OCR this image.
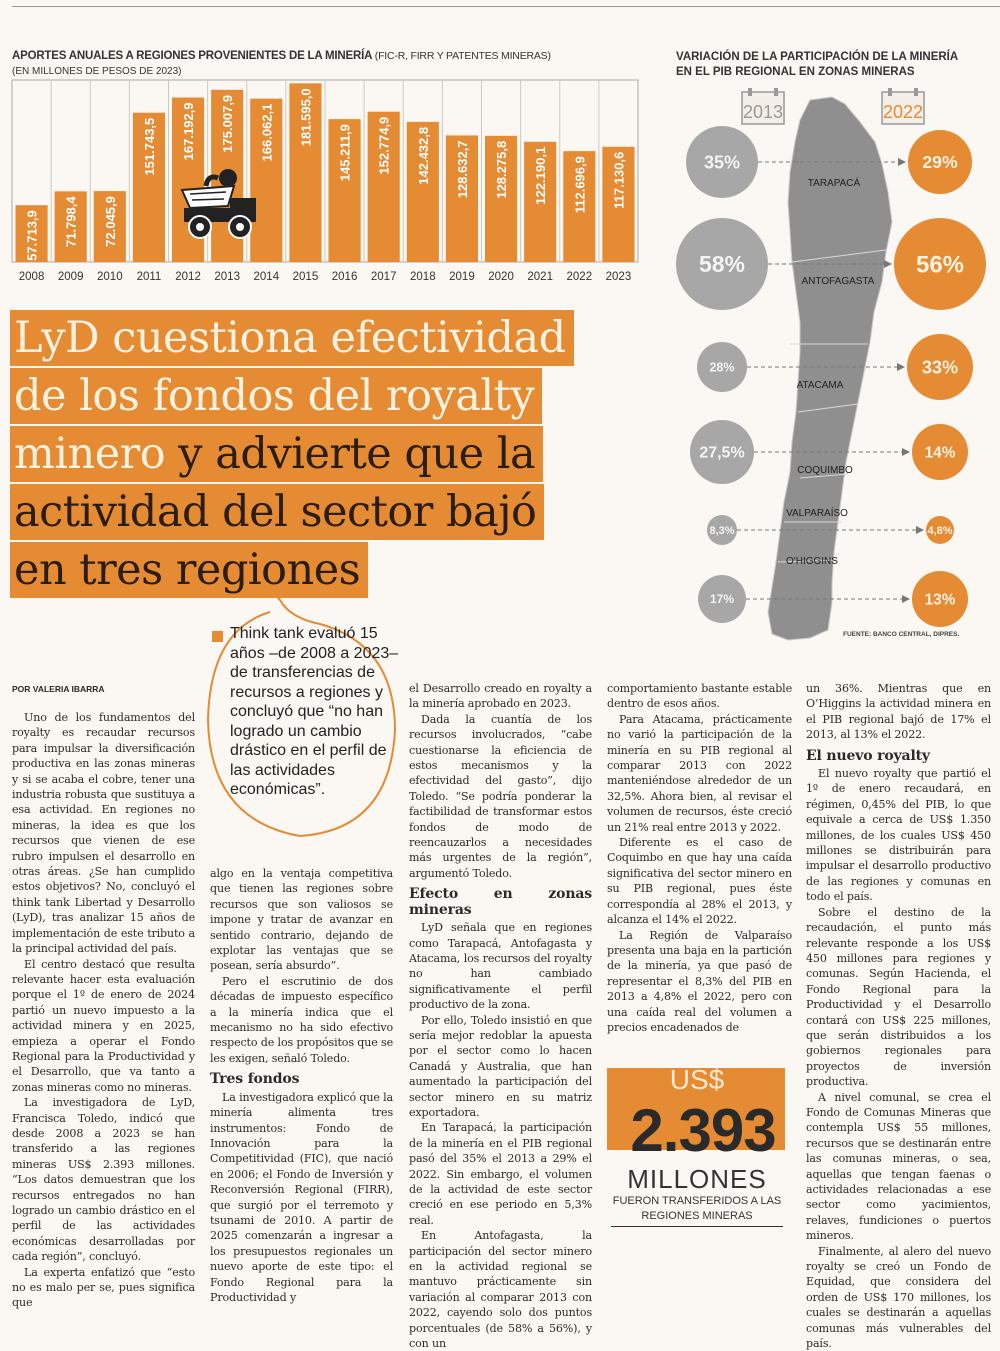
APORTES ANUALES A REGIONES PROVENIENTES DE LA MINERÍA (FIC-R, FIRR Y PATENTES MINERAS)
(EN MILLONES DE PESOS DE 2023)
57.713,9
2008
71.798,4
2009
72.045,9
2010
151.743,5
2011
167.192,9
2012
175.007,9
2013
166.062,1
2014
181.595,0
2015
145.211,9
2016
152.774,9
2017
142.432,8
2018
128.632,7
2019
128.275,8
2020
122.190,1
2021
112.696,9
2022
117.130,6
2023
LyD cuestiona efectividad
de los fondos del royalty
minero y advierte que la
actividad del sector bajó
en tres regiones
VARIACIÓN DE LA PARTICIPACIÓN DE LA MINERÍA
EN EL PIB REGIONAL EN ZONAS MINERAS
2013	2022
35%	29%
TARAPACÁ
58%	56%
ANTOFAGASTA
28%	33%
ATACAMA
27,5%	14%
COQUIMBO
8,3%	4,8%
VALPARAÍSO
17%	13%
O'HIGGINS
FUENTE: BANCO CENTRAL, DIPRES.
Think tank evaluó 15 años –de 2008 a 2023– de transferencias de recursos a regiones y concluyó que “no han logrado un cambio drástico en el perfil de las actividades económicas”.
POR VALERIA IBARRA

Uno de los fundamentos del royalty es recaudar recursos para impulsar la diversificación productiva en las zonas mineras y si se acaba el cobre, tener una industria robusta que sustituya a esa actividad. En regiones no mineras, la idea es que los recursos que vienen de ese rubro impulsen el desarrollo en otras áreas. ¿Se han cumplido estos objetivos? No, concluyó el think tank Libertad y Desarrollo (LyD), tras analizar 15 años de implementación de este tributo a la principal actividad del país.

El centro destacó que resulta relevante hacer esta evaluación porque el 1º de enero de 2024 partió un nuevo impuesto a la actividad minera y en 2025, empieza a operar el Fondo Regional para la Productividad y el Desarrollo, que va tanto a zonas mineras como no mineras.

La investigadora de LyD, Francisca Toledo, indicó que desde 2008 a 2023 se han transferido a las regiones mineras US$ 2.393 millones. “Los datos demuestran que los recursos entregados no han logrado un cambio drástico en el perfil de las actividades económicas desarrolladas por cada región”, concluyó.

La experta enfatizó que “esto no es malo per se, pues significa que

algo en la ventaja competitiva que tienen las regiones sobre recursos que son valiosos se impone y tratar de avanzar en sentido contrario, dejando de explotar las ventajas que se posean, sería absurdo”.

Pero el escrutinio de dos décadas de impuesto específico a la minería indica que el mecanismo no ha sido efectivo respecto de los propósitos que se les exigen, señaló Toledo.

Tres fondos

La investigadora explicó que la minería alimenta tres instrumentos: Fondo de Innovación para la Competitividad (FIC), que nació en 2006; el Fondo de Inversión y Reconversión Regional (FIRR), que surgió por el terremoto y tsunami de 2010. A partir de 2025 comenzarán a ingresar a los presupuestos regionales un nuevo aporte de este tipo: el Fondo Regional para la Productividad y

el Desarrollo creado en royalty a la minería aprobado en 2023.

Dada la cuantía de los recursos involucrados, “cabe cuestionarse la eficiencia de estos mecanismos y la efectividad del gasto”, dijo Toledo. “Se podría ponderar la factibilidad de transformar estos fondos de modo de reencauzarlos a necesidades más urgentes de la región”, argumentó Toledo.

Efecto en zonas mineras

LyD señala que en regiones como Tarapacá, Antofagasta y Atacama, los recursos del royalty no han cambiado significativamente el perfil productivo de la zona.

Por ello, Toledo insistió en que sería mejor redoblar la apuesta por el sector como lo hacen Canadá y Australia, que han aumentado la participación del sector minero en su matriz exportadora.

En Tarapacá, la participación de la minería en el PIB regional pasó del 35% el 2013 a 29% el 2022. Sin embargo, el volumen de la actividad de este sector creció en ese periodo en 5,3% real.

En Antofagasta, la participación del sector minero en la actividad regional se mantuvo prácticamente sin variación al comparar 2013 con 2022, cayendo solo dos puntos porcentuales (de 58% a 56%), y con un

comportamiento bastante estable dentro de esos años.

Para Atacama, prácticamente no varió la participación de la minería en su PIB regional al comparar 2013 con 2022 manteniéndose alrededor de un 32,5%. Ahora bien, al revisar el volumen de recursos, éste creció un 21% real entre 2013 y 2022.

Diferente es el caso de Coquimbo en que hay una caída significativa del sector minero en su PIB regional, pues éste correspondía al 28% el 2013, y alcanza el 14% el 2022.

La Región de Valparaíso presenta una baja en la partición de la minería, ya que pasó de representar el 8,3% del PIB en 2013 a 4,8% el 2022, pero con una caída real del volumen a precios encadenados de

un 36%. Mientras que en O’Higgins la actividad minera en el PIB regional bajó de 17% el 2013, al 13% el 2022.

El nuevo royalty

El nuevo royalty que partió el 1º de enero recaudará, en régimen, 0,45% del PIB, lo que equivale a cerca de US$ 1.350 millones, de los cuales US$ 450 millones se distribuirán para impulsar el desarrollo productivo de las regiones y comunas en todo el país.

Sobre el destino de la recaudación, el punto más relevante responde a los US$ 450 millones para regiones y comunas. Según Hacienda, el Fondo Regional para la Productividad y el Desarrollo contará con US$ 225 millones, que serán distribuidos a los gobiernos regionales para proyectos de inversión productiva.

A nivel comunal, se crea el Fondo de Comunas Mineras que contempla US$ 55 millones, recursos que se destinarán entre las comunas mineras, o sea, aquellas que tengan faenas o actividades relacionadas a ese sector como yacimientos, relaves, fundiciones o puertos mineros.

Finalmente, al alero del nuevo royalty se creó un Fondo de Equidad, que considera del orden de US$ 170 millones, los cuales se destinarán a aquellas comunas más vulnerables del país.

US$
2.393
MILLONES
FUERON TRANSFERIDOS A LAS
REGIONES MINERAS
